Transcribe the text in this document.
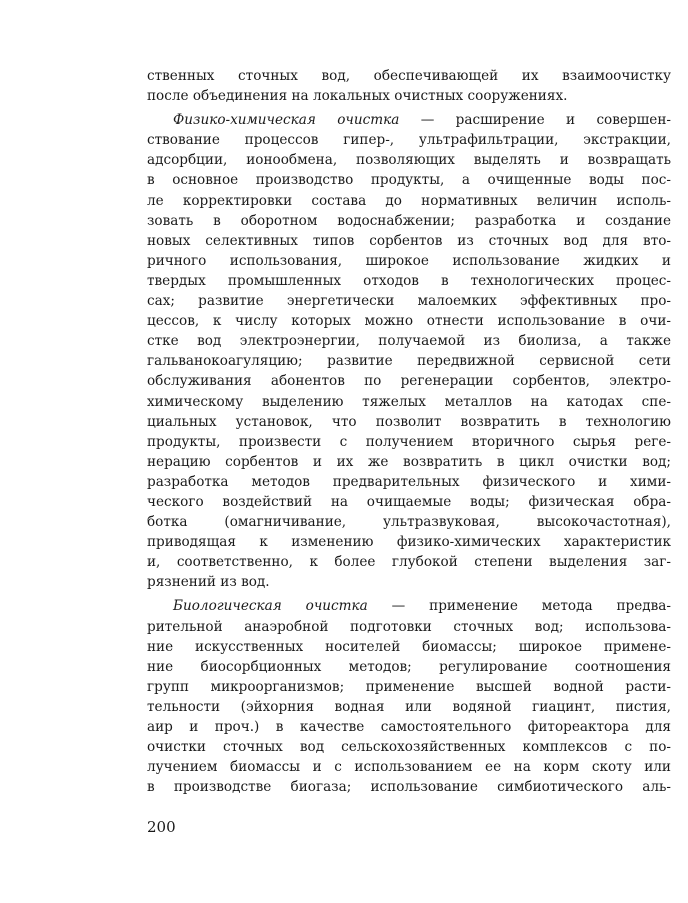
ственных сточных вод, обеспечивающей их взаимоочистку
после объединения на локальных очистных сооружениях.
Физико-химическая очистка — расширение и совершен-
ствование процессов гипер-, ультрафильтрации, экстракции,
адсорбции, ионообмена, позволяющих выделять и возвращать
в основное производство продукты, а очищенные воды пос-
ле корректировки состава до нормативных величин исполь-
зовать в оборотном водоснабжении; разработка и создание
новых селективных типов сорбентов из сточных вод для вто-
ричного использования, широкое использование жидких и
твердых промышленных отходов в технологических процес-
сах; развитие энергетически малоемких эффективных про-
цессов, к числу которых можно отнести использование в очи-
стке вод электроэнергии, получаемой из биолиза, а также
гальванокоагуляцию; развитие передвижной сервисной сети
обслуживания абонентов по регенерации сорбентов, электро-
химическому выделению тяжелых металлов на катодах спе-
циальных установок, что позволит возвратить в технологию
продукты, произвести с получением вторичного сырья реге-
нерацию сорбентов и их же возвратить в цикл очистки вод;
разработка методов предварительных физического и хими-
ческого воздействий на очищаемые воды; физическая обра-
ботка (омагничивание, ультразвуковая, высокочастотная),
приводящая к изменению физико-химических характеристик
и, соответственно, к более глубокой степени выделения заг-
рязнений из вод.
Биологическая очистка — применение метода предва-
рительной анаэробной подготовки сточных вод; использова-
ние искусственных носителей биомассы; широкое примене-
ние биосорбционных методов; регулирование соотношения
групп микроорганизмов; применение высшей водной расти-
тельности (эйхорния водная или водяной гиацинт, пистия,
аир и проч.) в качестве самостоятельного фитореактора для
очистки сточных вод сельскохозяйственных комплексов с по-
лучением биомассы и с использованием ее на корм скоту или
в производстве биогаза; использование симбиотического аль-
200
